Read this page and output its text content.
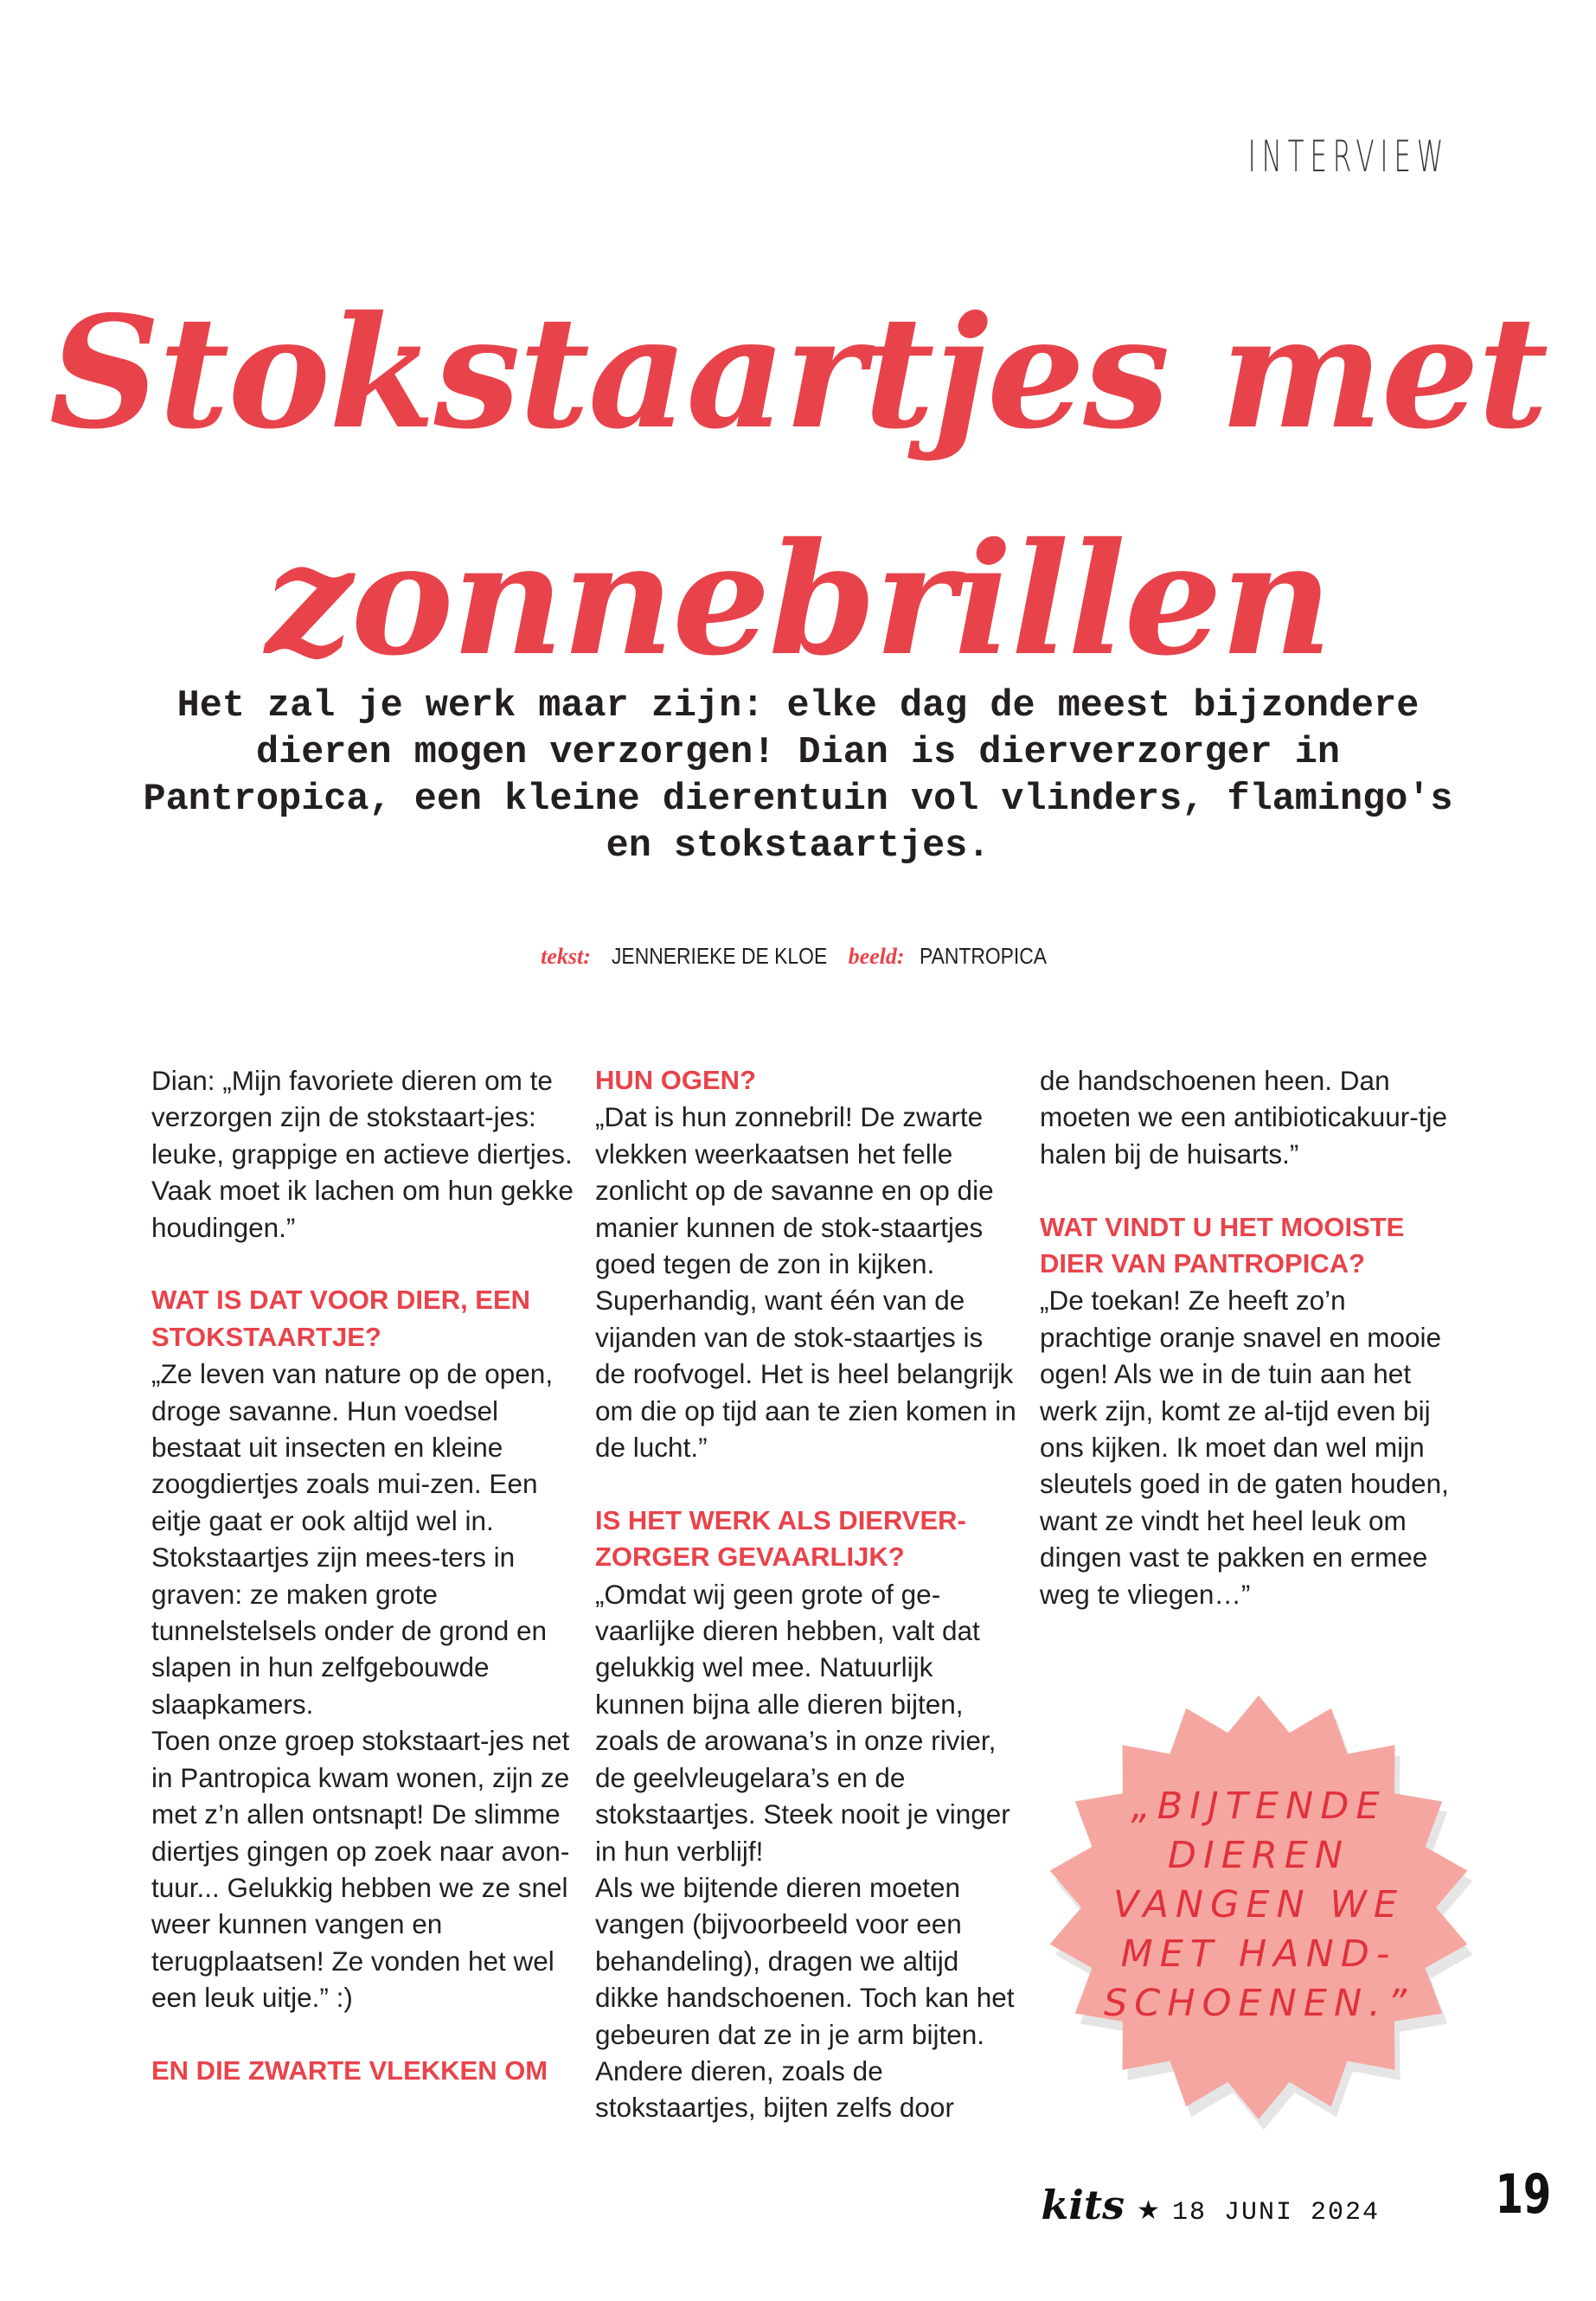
INTERVIEW
Stokstaartjes met
zonnebrillen

Het zal je werk maar zijn: elke dag de meest bijzondere dieren mogen verzorgen! Dian is dierverzorger in Pantropica, een kleine dierentuin vol vlinders, flamingo's en stokstaartjes.

tekst: JENNERIEKE DE KLOE beeld: PANTROPICA

Dian: „Mijn favoriete dieren om te verzorgen zijn de stokstaart-jes: leuke, grappige en actieve diertjes. Vaak moet ik lachen om hun gekke houdingen.”

WAT IS DAT VOOR DIER, EEN STOKSTAARTJE?

„Ze leven van nature op de open, droge savanne. Hun voedsel bestaat uit insecten en kleine zoogdiertjes zoals mui-zen. Een eitje gaat er ook altijd wel in. Stokstaartjes zijn mees-ters in graven: ze maken grote tunnelstelsels onder de grond en slapen in hun zelfgebouwde slaapkamers.

Toen onze groep stokstaart-jes net in Pantropica kwam wonen, zijn ze met z’n allen ontsnapt! De slimme diertjes gingen op zoek naar avon-tuur... Gelukkig hebben we ze snel weer kunnen vangen en terugplaatsen! Ze vonden het wel een leuk uitje.” :)

EN DIE ZWARTE VLEKKEN OM

HUN OGEN?

„Dat is hun zonnebril! De zwarte vlekken weerkaatsen het felle zonlicht op de savanne en op die manier kunnen de stok-staartjes goed tegen de zon in kijken. Superhandig, want één van de vijanden van de stok-staartjes is de roofvogel. Het is heel belangrijk om die op tijd aan te zien komen in de lucht.”

IS HET WERK ALS DIERVER-ZORGER GEVAARLIJK?

„Omdat wij geen grote of ge-vaarlijke dieren hebben, valt dat gelukkig wel mee. Natuurlijk kunnen bijna alle dieren bijten, zoals de arowana’s in onze rivier, de geelvleugelara’s en de stokstaartjes. Steek nooit je vinger in hun verblijf!

Als we bijtende dieren moeten vangen (bijvoorbeeld voor een behandeling), dragen we altijd dikke handschoenen. Toch kan het gebeuren dat ze in je arm bijten. Andere dieren, zoals de stokstaartjes, bijten zelfs door

de handschoenen heen. Dan moeten we een antibioticakuur-tje halen bij de huisarts.”

WAT VINDT U HET MOOISTE DIER VAN PANTROPICA?

„De toekan! Ze heeft zo’n prachtige oranje snavel en mooie ogen! Als we in de tuin aan het werk zijn, komt ze al-tijd even bij ons kijken. Ik moet dan wel mijn sleutels goed in de gaten houden, want ze vindt het heel leuk om dingen vast te pakken en ermee weg te vliegen…”

„BIJTENDE
DIEREN
VANGEN WE
MET HAND-
SCHOENEN.”

kits ★ 18 JUNI 2024 19
